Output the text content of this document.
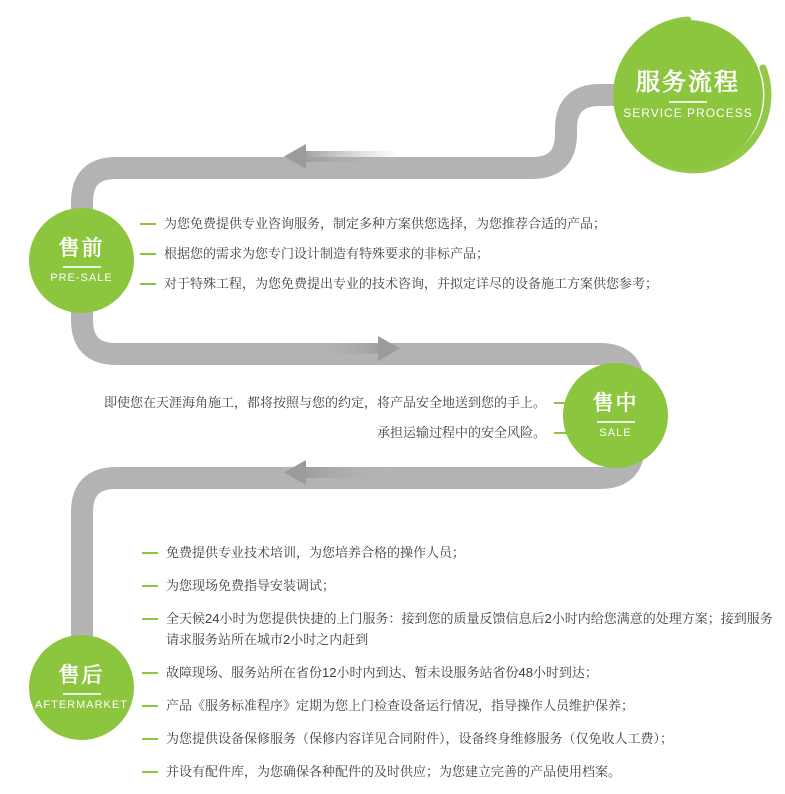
服务流程
SERVICE PROCESS
售前
PRE-SALE
为您免费提供专业咨询服务，制定多种方案供您选择，为您推荐合适的产品；
根据您的需求为您专门设计制造有特殊要求的非标产品；
对于特殊工程，为您免费提出专业的技术咨询，并拟定详尽的设备施工方案供您参考；
售中
SALE
即使您在天涯海角施工，都将按照与您的约定，将产品安全地送到您的手上。
承担运输过程中的安全风险。
售后
AFTERMARKET
免费提供专业技术培训，为您培养合格的操作人员；
为您现场免费指导安装调试；
全天候24小时为您提供快捷的上门服务：接到您的质量反馈信息后2小时内给您满意的处理方案；接到服务请求服务站所在城市2小时之内赶到
故障现场、服务站所在省份12小时内到达、暂未设服务站省份48小时到达；
产品《服务标准程序》定期为您上门检查设备运行情况，指导操作人员维护保养；
为您提供设备保修服务（保修内容详见合同附件），设备终身维修服务（仅免收人工费）；
并设有配件库，为您确保各种配件的及时供应；为您建立完善的产品使用档案。
